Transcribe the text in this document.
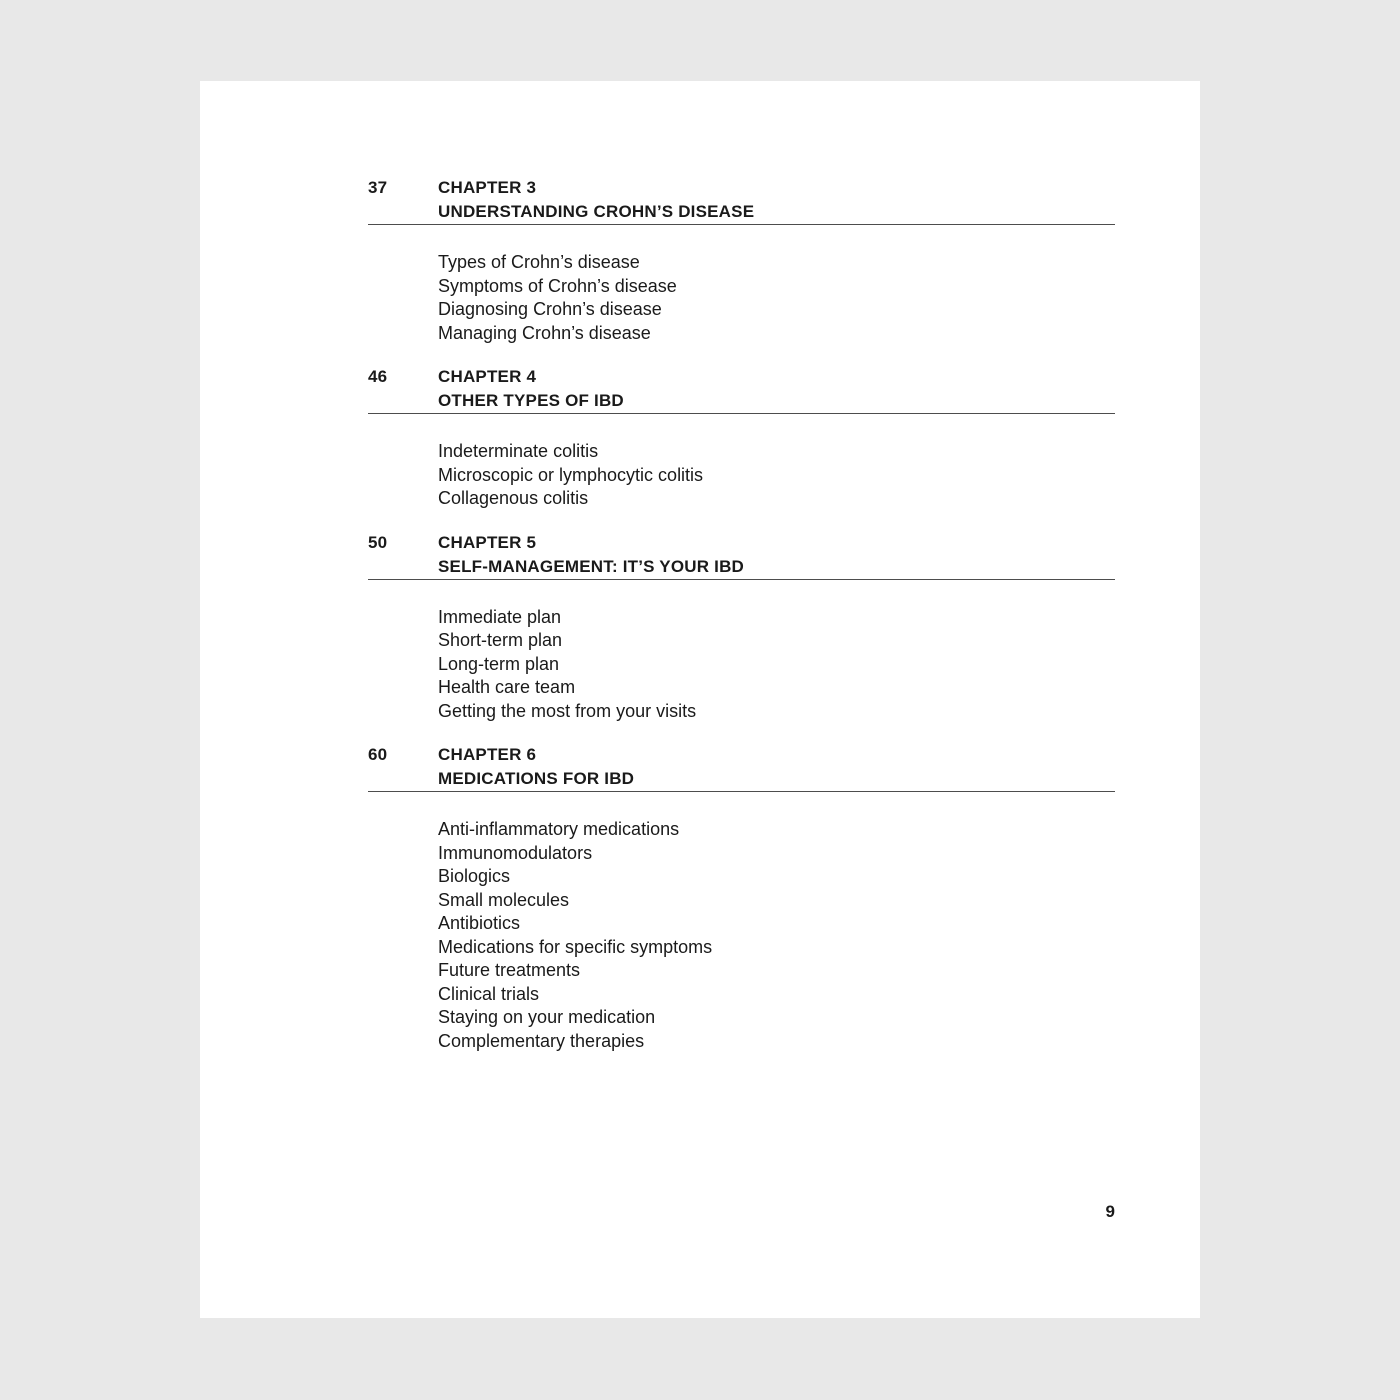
37	CHAPTER 3
UNDERSTANDING CROHN’S DISEASE
Types of Crohn’s disease
Symptoms of Crohn’s disease
Diagnosing Crohn’s disease
Managing Crohn’s disease
46	CHAPTER 4
OTHER TYPES OF IBD
Indeterminate colitis
Microscopic or lymphocytic colitis
Collagenous colitis
50	CHAPTER 5
SELF-MANAGEMENT: IT’S YOUR IBD
Immediate plan
Short-term plan
Long-term plan
Health care team
Getting the most from your visits
60	CHAPTER 6
MEDICATIONS FOR IBD
Anti-inflammatory medications
Immunomodulators
Biologics
Small molecules
Antibiotics
Medications for specific symptoms
Future treatments
Clinical trials
Staying on your medication
Complementary therapies
9
